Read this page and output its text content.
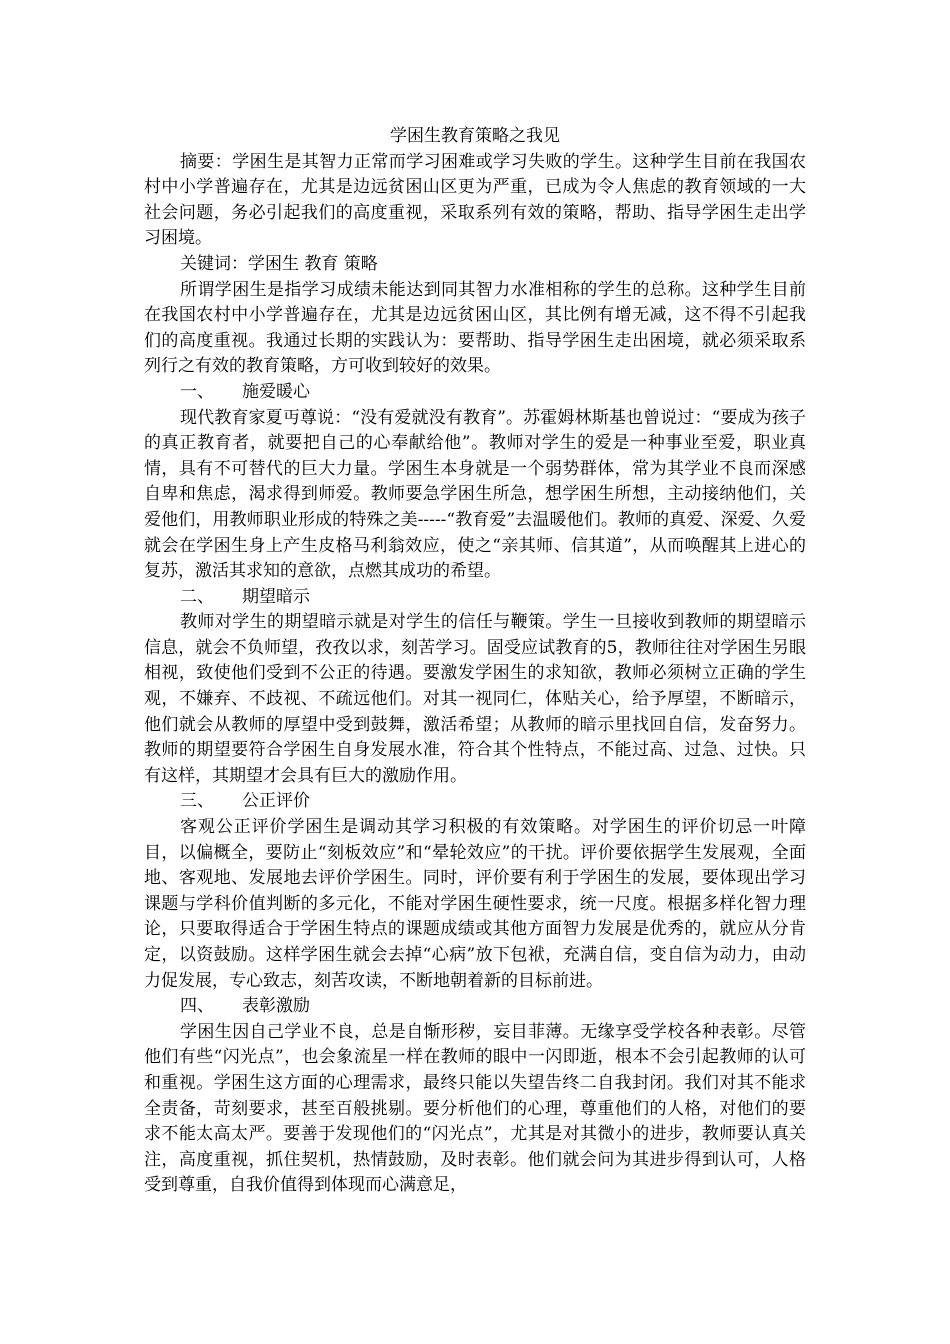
学困生教育策略之我见

摘要：学困生是其智力正常而学习困难或学习失败的学生。这种学生目前在我国农村中小学普遍存在，尤其是边远贫困山区更为严重，已成为令人焦虑的教育领域的一大社会问题，务必引起我们的高度重视，采取系列有效的策略，帮助、指导学困生走出学习困境。

关键词：学困生 教育 策略

所谓学困生是指学习成绩未能达到同其智力水准相称的学生的总称。这种学生目前在我国农村中小学普遍存在，尤其是边远贫困山区，其比例有增无减，这不得不引起我们的高度重视。我通过长期的实践认为：要帮助、指导学困生走出困境，就必须采取系列行之有效的教育策略，方可收到较好的效果。

一、 施爱暖心

现代教育家夏丏尊说：“没有爱就没有教育”。苏霍姆林斯基也曾说过：“要成为孩子的真正教育者，就要把自己的心奉献给他”。教师对学生的爱是一种事业至爱，职业真情，具有不可替代的巨大力量。学困生本身就是一个弱势群体，常为其学业不良而深感自卑和焦虑，渴求得到师爱。教师要急学困生所急，想学困生所想，主动接纳他们，关爱他们，用教师职业形成的特殊之美-----“教育爱”去温暖他们。教师的真爱、深爱、久爱就会在学困生身上产生皮格马利翁效应，使之“亲其师、信其道”，从而唤醒其上进心的复苏，激活其求知的意欲，点燃其成功的希望。

二、 期望暗示

教师对学生的期望暗示就是对学生的信任与鞭策。学生一旦接收到教师的期望暗示信息，就会不负师望，孜孜以求，刻苦学习。固受应试教育的5，教师往往对学困生另眼相视，致使他们受到不公正的待遇。要激发学困生的求知欲，教师必须树立正确的学生观，不嫌弃、不歧视、不疏远他们。对其一视同仁，体贴关心，给予厚望，不断暗示，他们就会从教师的厚望中受到鼓舞，激活希望；从教师的暗示里找回自信，发奋努力。教师的期望要符合学困生自身发展水准，符合其个性特点，不能过高、过急、过快。只有这样，其期望才会具有巨大的激励作用。

三、 公正评价

客观公正评价学困生是调动其学习积极的有效策略。对学困生的评价切忌一叶障目，以偏概全，要防止“刻板效应”和“晕轮效应”的干扰。评价要依据学生发展观，全面地、客观地、发展地去评价学困生。同时，评价要有利于学困生的发展，要体现出学习课题与学科价值判断的多元化，不能对学困生硬性要求，统一尺度。根据多样化智力理论，只要取得适合于学困生特点的课题成绩或其他方面智力发展是优秀的，就应从分肯定，以资鼓励。这样学困生就会去掉“心病”放下包袱，充满自信，变自信为动力，由动力促发展，专心致志，刻苦攻读，不断地朝着新的目标前进。

四、 表彰激励

学困生因自己学业不良，总是自惭形秽，妄目菲薄。无缘享受学校各种表彰。尽管他们有些“闪光点”，也会象流星一样在教师的眼中一闪即逝，根本不会引起教师的认可和重视。学困生这方面的心理需求，最终只能以失望告终二自我封闭。我们对其不能求全责备，苛刻要求，甚至百般挑剔。要分析他们的心理，尊重他们的人格，对他们的要求不能太高太严。要善于发现他们的“闪光点”，尤其是对其微小的进步，教师要认真关注，高度重视，抓住契机，热情鼓励，及时表彰。他们就会问为其进步得到认可，人格受到尊重，自我价值得到体现而心满意足，
